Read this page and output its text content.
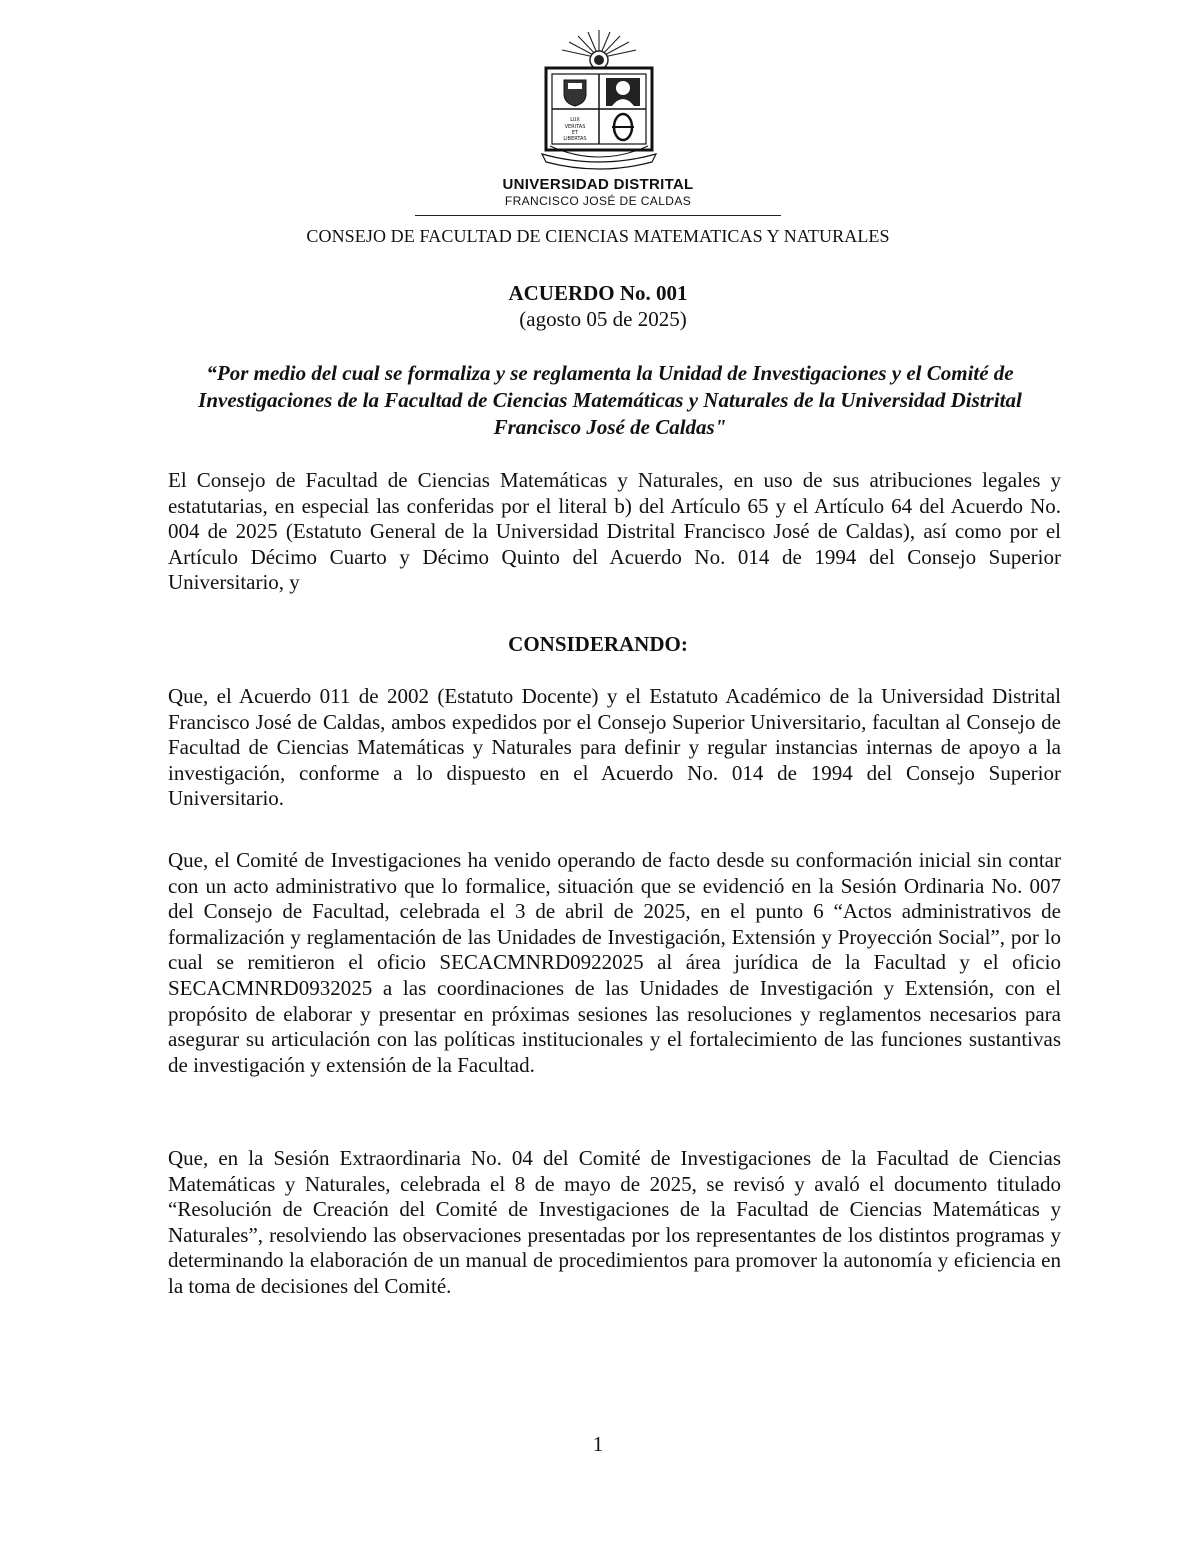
LUX
VERITAS
ET
LIBERTAS
UNIVERSIDAD DISTRITAL
FRANCISCO JOSÉ DE CALDAS
CONSEJO DE FACULTAD DE CIENCIAS MATEMATICAS Y NATURALES
ACUERDO No. 001
(agosto 05 de 2025)
“Por medio del cual se formaliza y se reglamenta la Unidad de Investigaciones y el Comité de Investigaciones de la Facultad de Ciencias Matemáticas y Naturales de la Universidad Distrital Francisco José de Caldas"

El Consejo de Facultad de Ciencias Matemáticas y Naturales, en uso de sus atribuciones legales y estatutarias, en especial las conferidas por el literal b) del Artículo 65 y el Artículo 64 del Acuerdo No. 004 de 2025 (Estatuto General de la Universidad Distrital Francisco José de Caldas), así como por el Artículo Décimo Cuarto y Décimo Quinto del Acuerdo No. 014 de 1994 del Consejo Superior Universitario, y

CONSIDERANDO:

Que, el Acuerdo 011 de 2002 (Estatuto Docente) y el Estatuto Académico de la Universidad Distrital Francisco José de Caldas, ambos expedidos por el Consejo Superior Universitario, facultan al Consejo de Facultad de Ciencias Matemáticas y Naturales para definir y regular instancias internas de apoyo a la investigación, conforme a lo dispuesto en el Acuerdo No. 014 de 1994 del Consejo Superior Universitario.

Que, el Comité de Investigaciones ha venido operando de facto desde su conformación inicial sin contar con un acto administrativo que lo formalice, situación que se evidenció en la Sesión Ordinaria No. 007 del Consejo de Facultad, celebrada el 3 de abril de 2025, en el punto 6 “Actos administrativos de formalización y reglamentación de las Unidades de Investigación, Extensión y Proyección Social”, por lo cual se remitieron el oficio SECACMNRD0922025 al área jurídica de la Facultad y el oficio SECACMNRD0932025 a las coordinaciones de las Unidades de Investigación y Extensión, con el propósito de elaborar y presentar en próximas sesiones las resoluciones y reglamentos necesarios para asegurar su articulación con las políticas institucionales y el fortalecimiento de las funciones sustantivas de investigación y extensión de la Facultad.

Que, en la Sesión Extraordinaria No. 04 del Comité de Investigaciones de la Facultad de Ciencias Matemáticas y Naturales, celebrada el 8 de mayo de 2025, se revisó y avaló el documento titulado “Resolución de Creación del Comité de Investigaciones de la Facultad de Ciencias Matemáticas y Naturales”, resolviendo las observaciones presentadas por los representantes de los distintos programas y determinando la elaboración de un manual de procedimientos para promover la autonomía y eficiencia en la toma de decisiones del Comité.

1
